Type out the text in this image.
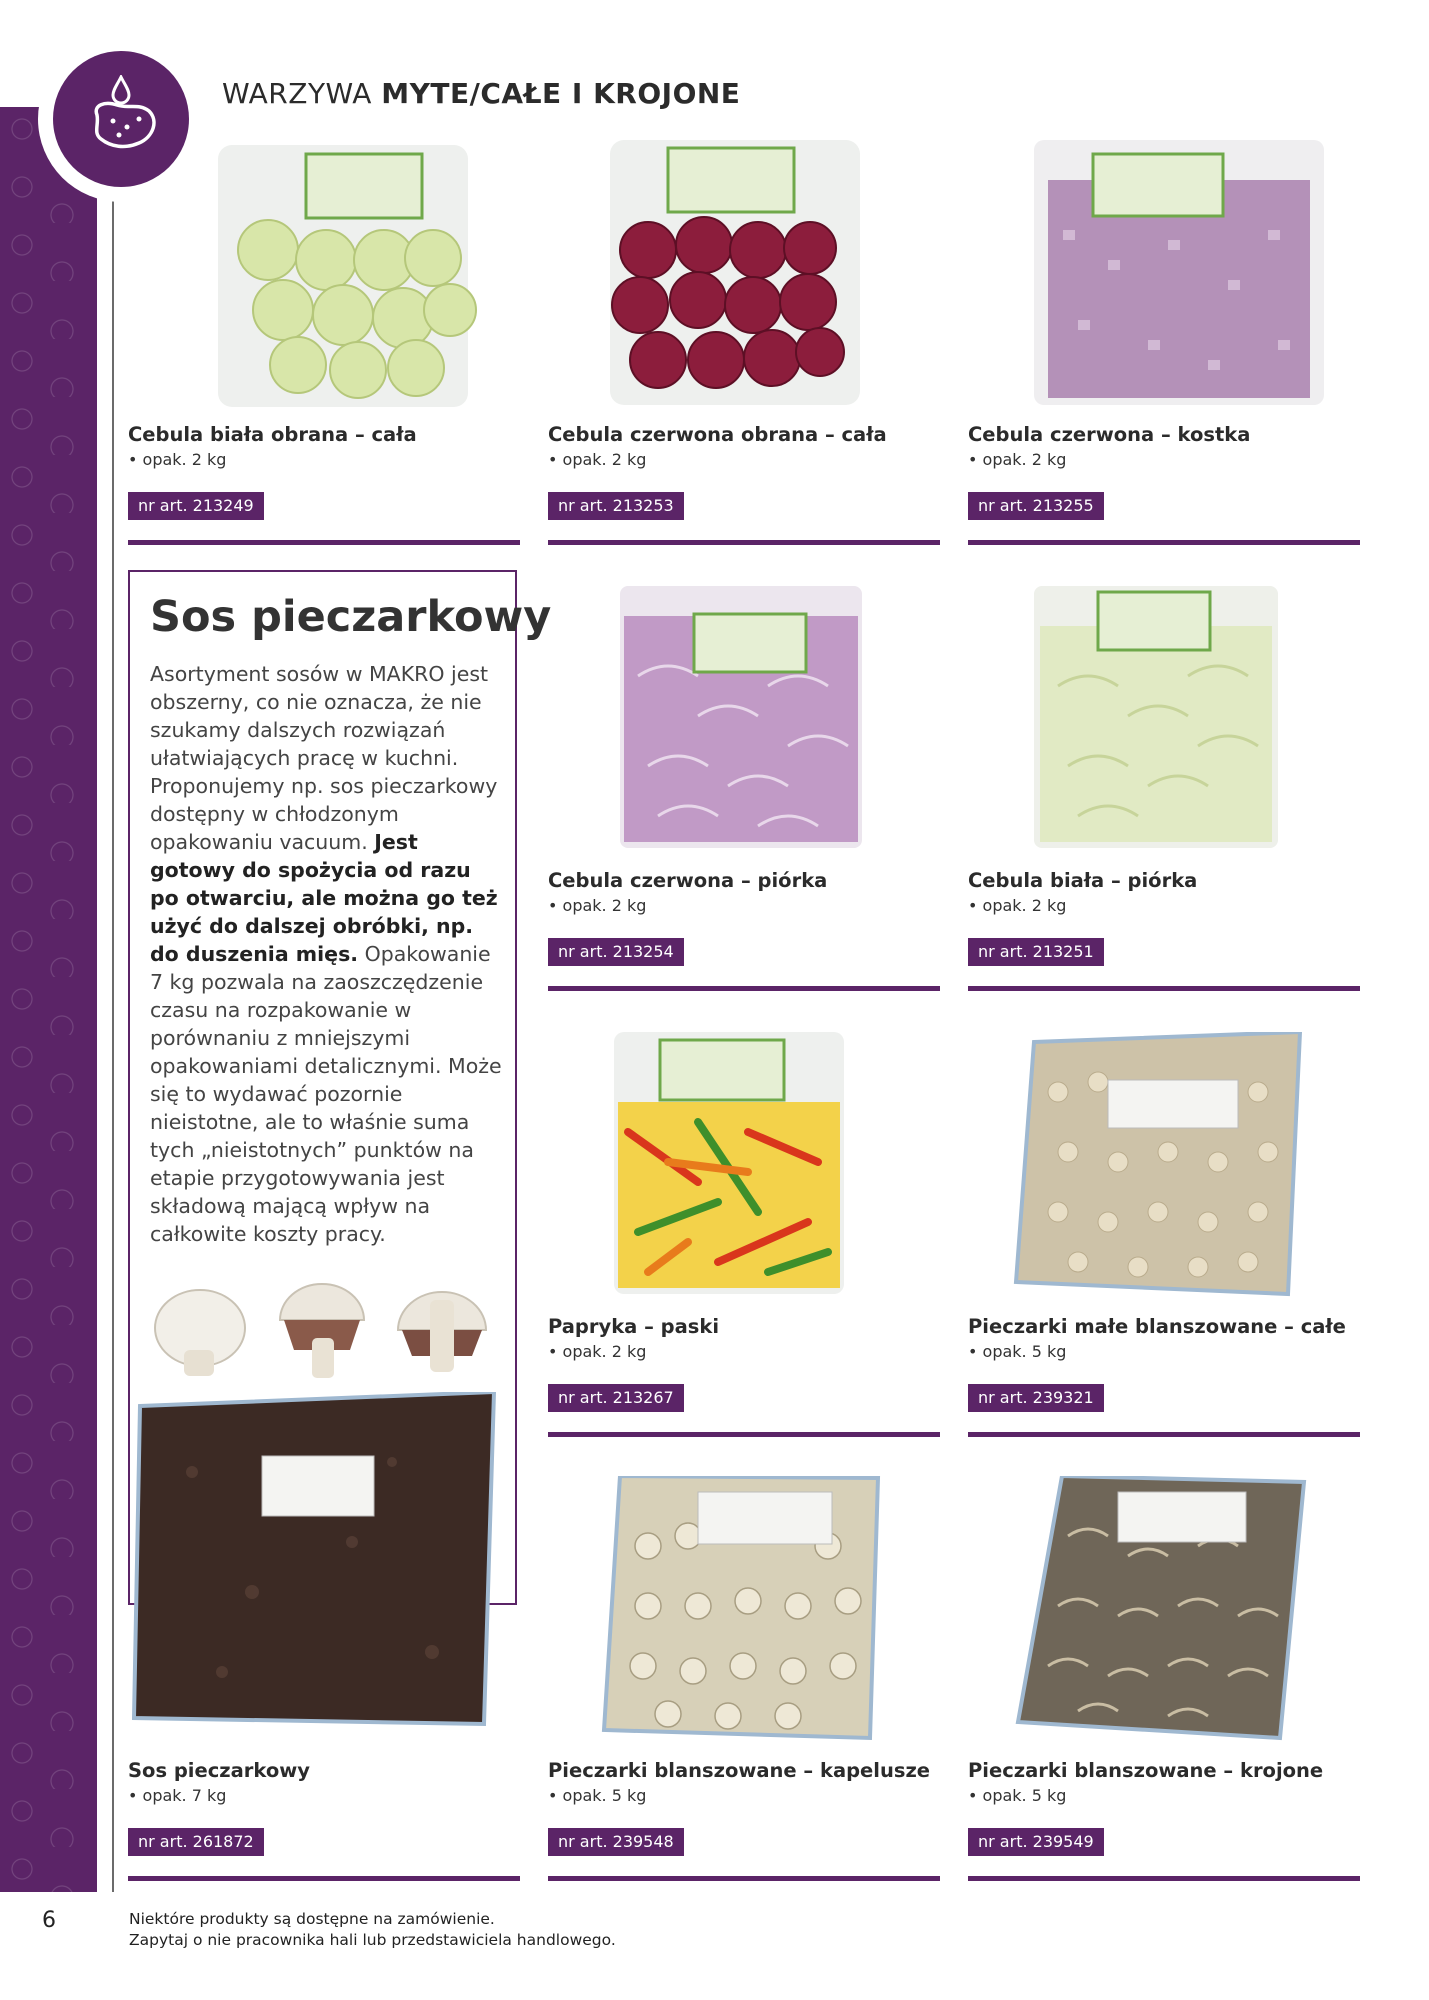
WARZYWA MYTE/CAŁE I KROJONE
Cebula biała obrana – cała
• opak. 2 kg
nr art. 213249
Cebula czerwona obrana – cała
• opak. 2 kg
nr art. 213253
Cebula czerwona – kostka
• opak. 2 kg
nr art. 213255
Sos pieczarkowy
Asortyment sosów w MAKRO jest obszerny, co nie oznacza, że nie szukamy dalszych rozwiązań ułatwiających pracę w kuchni. Proponujemy np. sos pieczarkowy dostępny w chłodzonym opakowaniu vacuum. Jest gotowy do spożycia od razu po otwarciu, ale można go też użyć do dalszej obróbki, np. do duszenia mięs. Opakowanie 7 kg pozwala na zaoszczędzenie czasu na rozpakowanie w porównaniu z mniejszymi opakowaniami detalicznymi. Może się to wydawać pozornie nieistotne, ale to właśnie suma tych „nieistotnych” punktów na etapie przygotowywania jest składową mającą wpływ na całkowite koszty pracy.
Cebula czerwona – piórka
• opak. 2 kg
nr art. 213254
Cebula biała – piórka
• opak. 2 kg
nr art. 213251
Papryka – paski
• opak. 2 kg
nr art. 213267
Pieczarki małe blanszowane – całe
• opak. 5 kg
nr art. 239321
Sos pieczarkowy
• opak. 7 kg
nr art. 261872
Pieczarki blanszowane – kapelusze
• opak. 5 kg
nr art. 239548
Pieczarki blanszowane – krojone
• opak. 5 kg
nr art. 239549
6	Niektóre produkty są dostępne na zamówienie.
Zapytaj o nie pracownika hali lub przedstawiciela handlowego.
